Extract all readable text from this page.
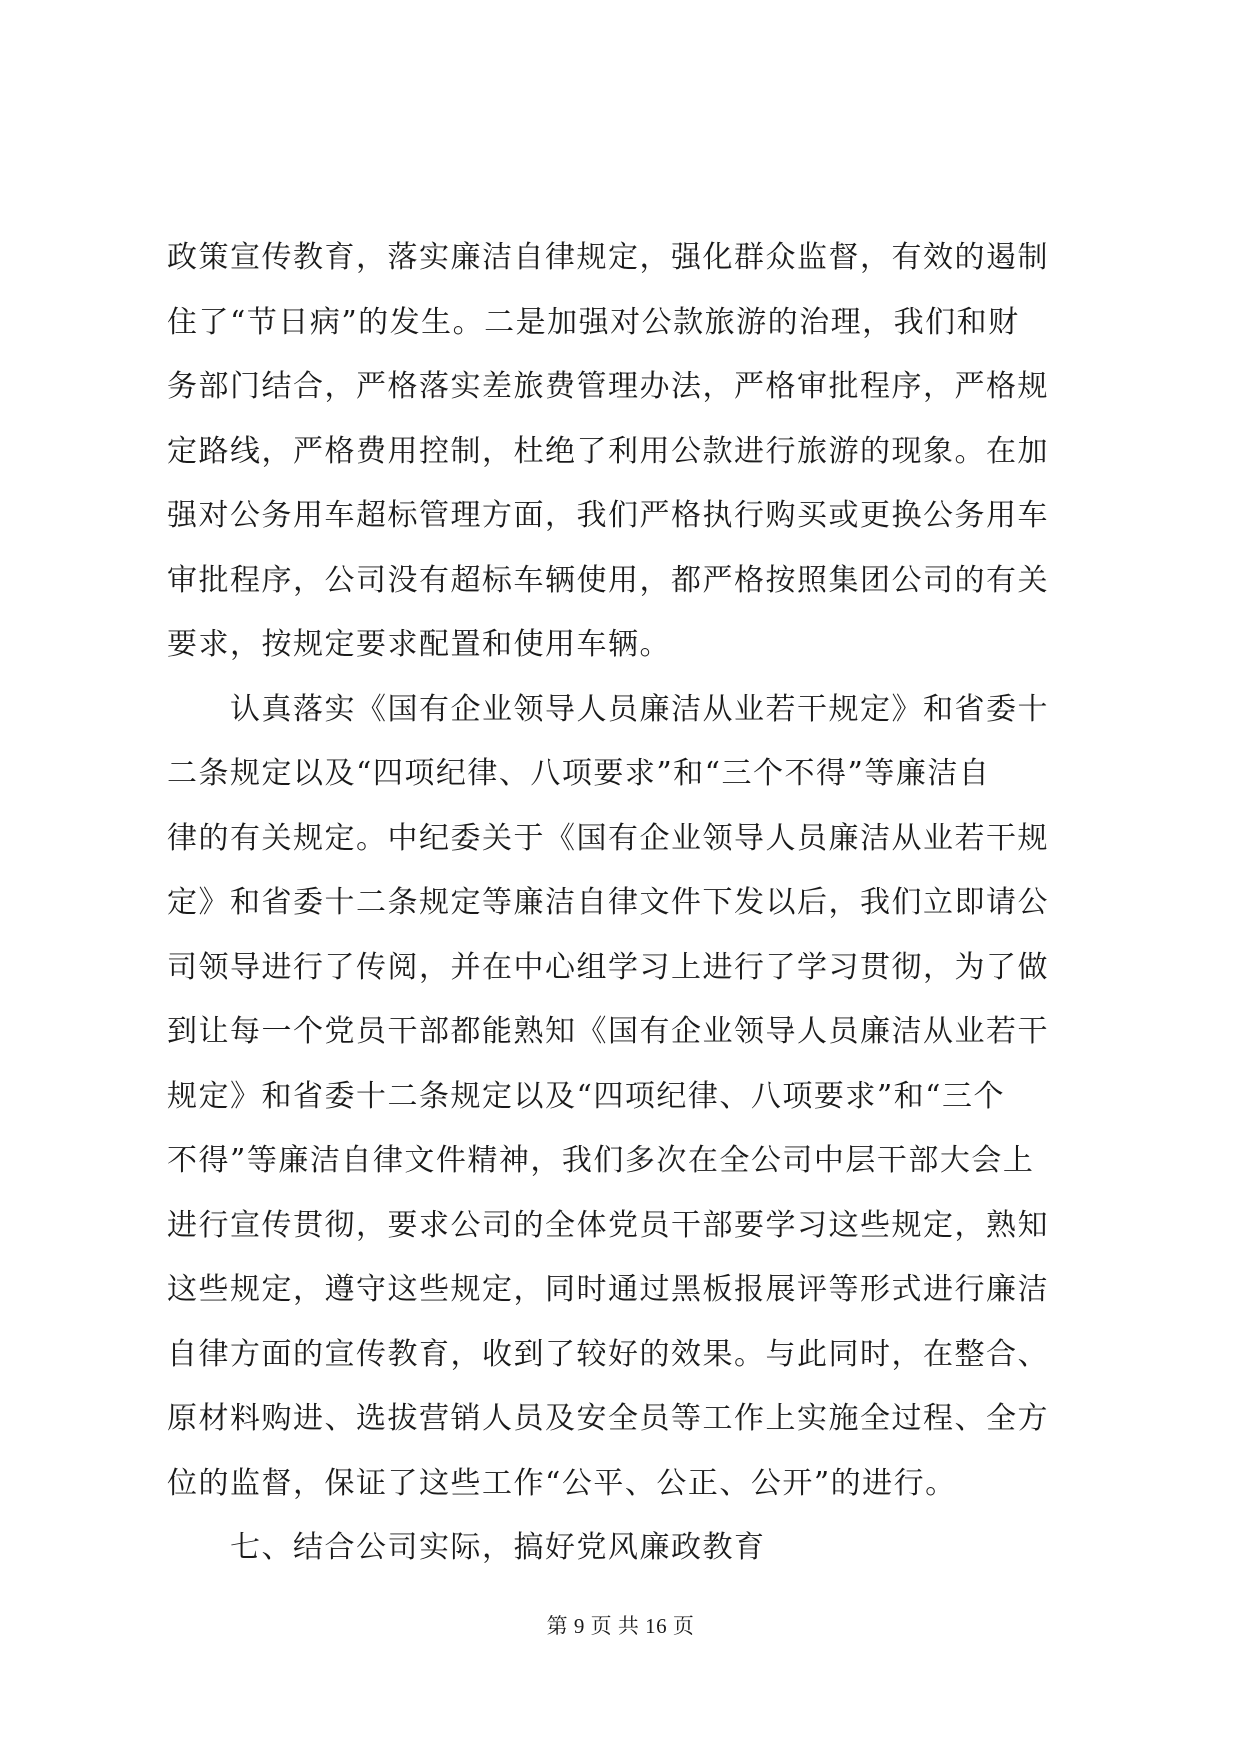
政策宣传教育，落实廉洁自律规定，强化群众监督，有效的遏制
住了“节日病”的发生。二是加强对公款旅游的治理，我们和财
务部门结合，严格落实差旅费管理办法，严格审批程序，严格规
定路线，严格费用控制，杜绝了利用公款进行旅游的现象。在加
强对公务用车超标管理方面，我们严格执行购买或更换公务用车
审批程序，公司没有超标车辆使用，都严格按照集团公司的有关
要求，按规定要求配置和使用车辆。
认真落实《国有企业领导人员廉洁从业若干规定》和省委十
二条规定以及“四项纪律、八项要求”和“三个不得”等廉洁自
律的有关规定。中纪委关于《国有企业领导人员廉洁从业若干规
定》和省委十二条规定等廉洁自律文件下发以后，我们立即请公
司领导进行了传阅，并在中心组学习上进行了学习贯彻，为了做
到让每一个党员干部都能熟知《国有企业领导人员廉洁从业若干
规定》和省委十二条规定以及“四项纪律、八项要求”和“三个
不得”等廉洁自律文件精神，我们多次在全公司中层干部大会上
进行宣传贯彻，要求公司的全体党员干部要学习这些规定，熟知
这些规定，遵守这些规定，同时通过黑板报展评等形式进行廉洁
自律方面的宣传教育，收到了较好的效果。与此同时，在整合、
原材料购进、选拔营销人员及安全员等工作上实施全过程、全方
位的监督，保证了这些工作“公平、公正、公开”的进行。
七、结合公司实际，搞好党风廉政教育
第 9 页 共 16 页
